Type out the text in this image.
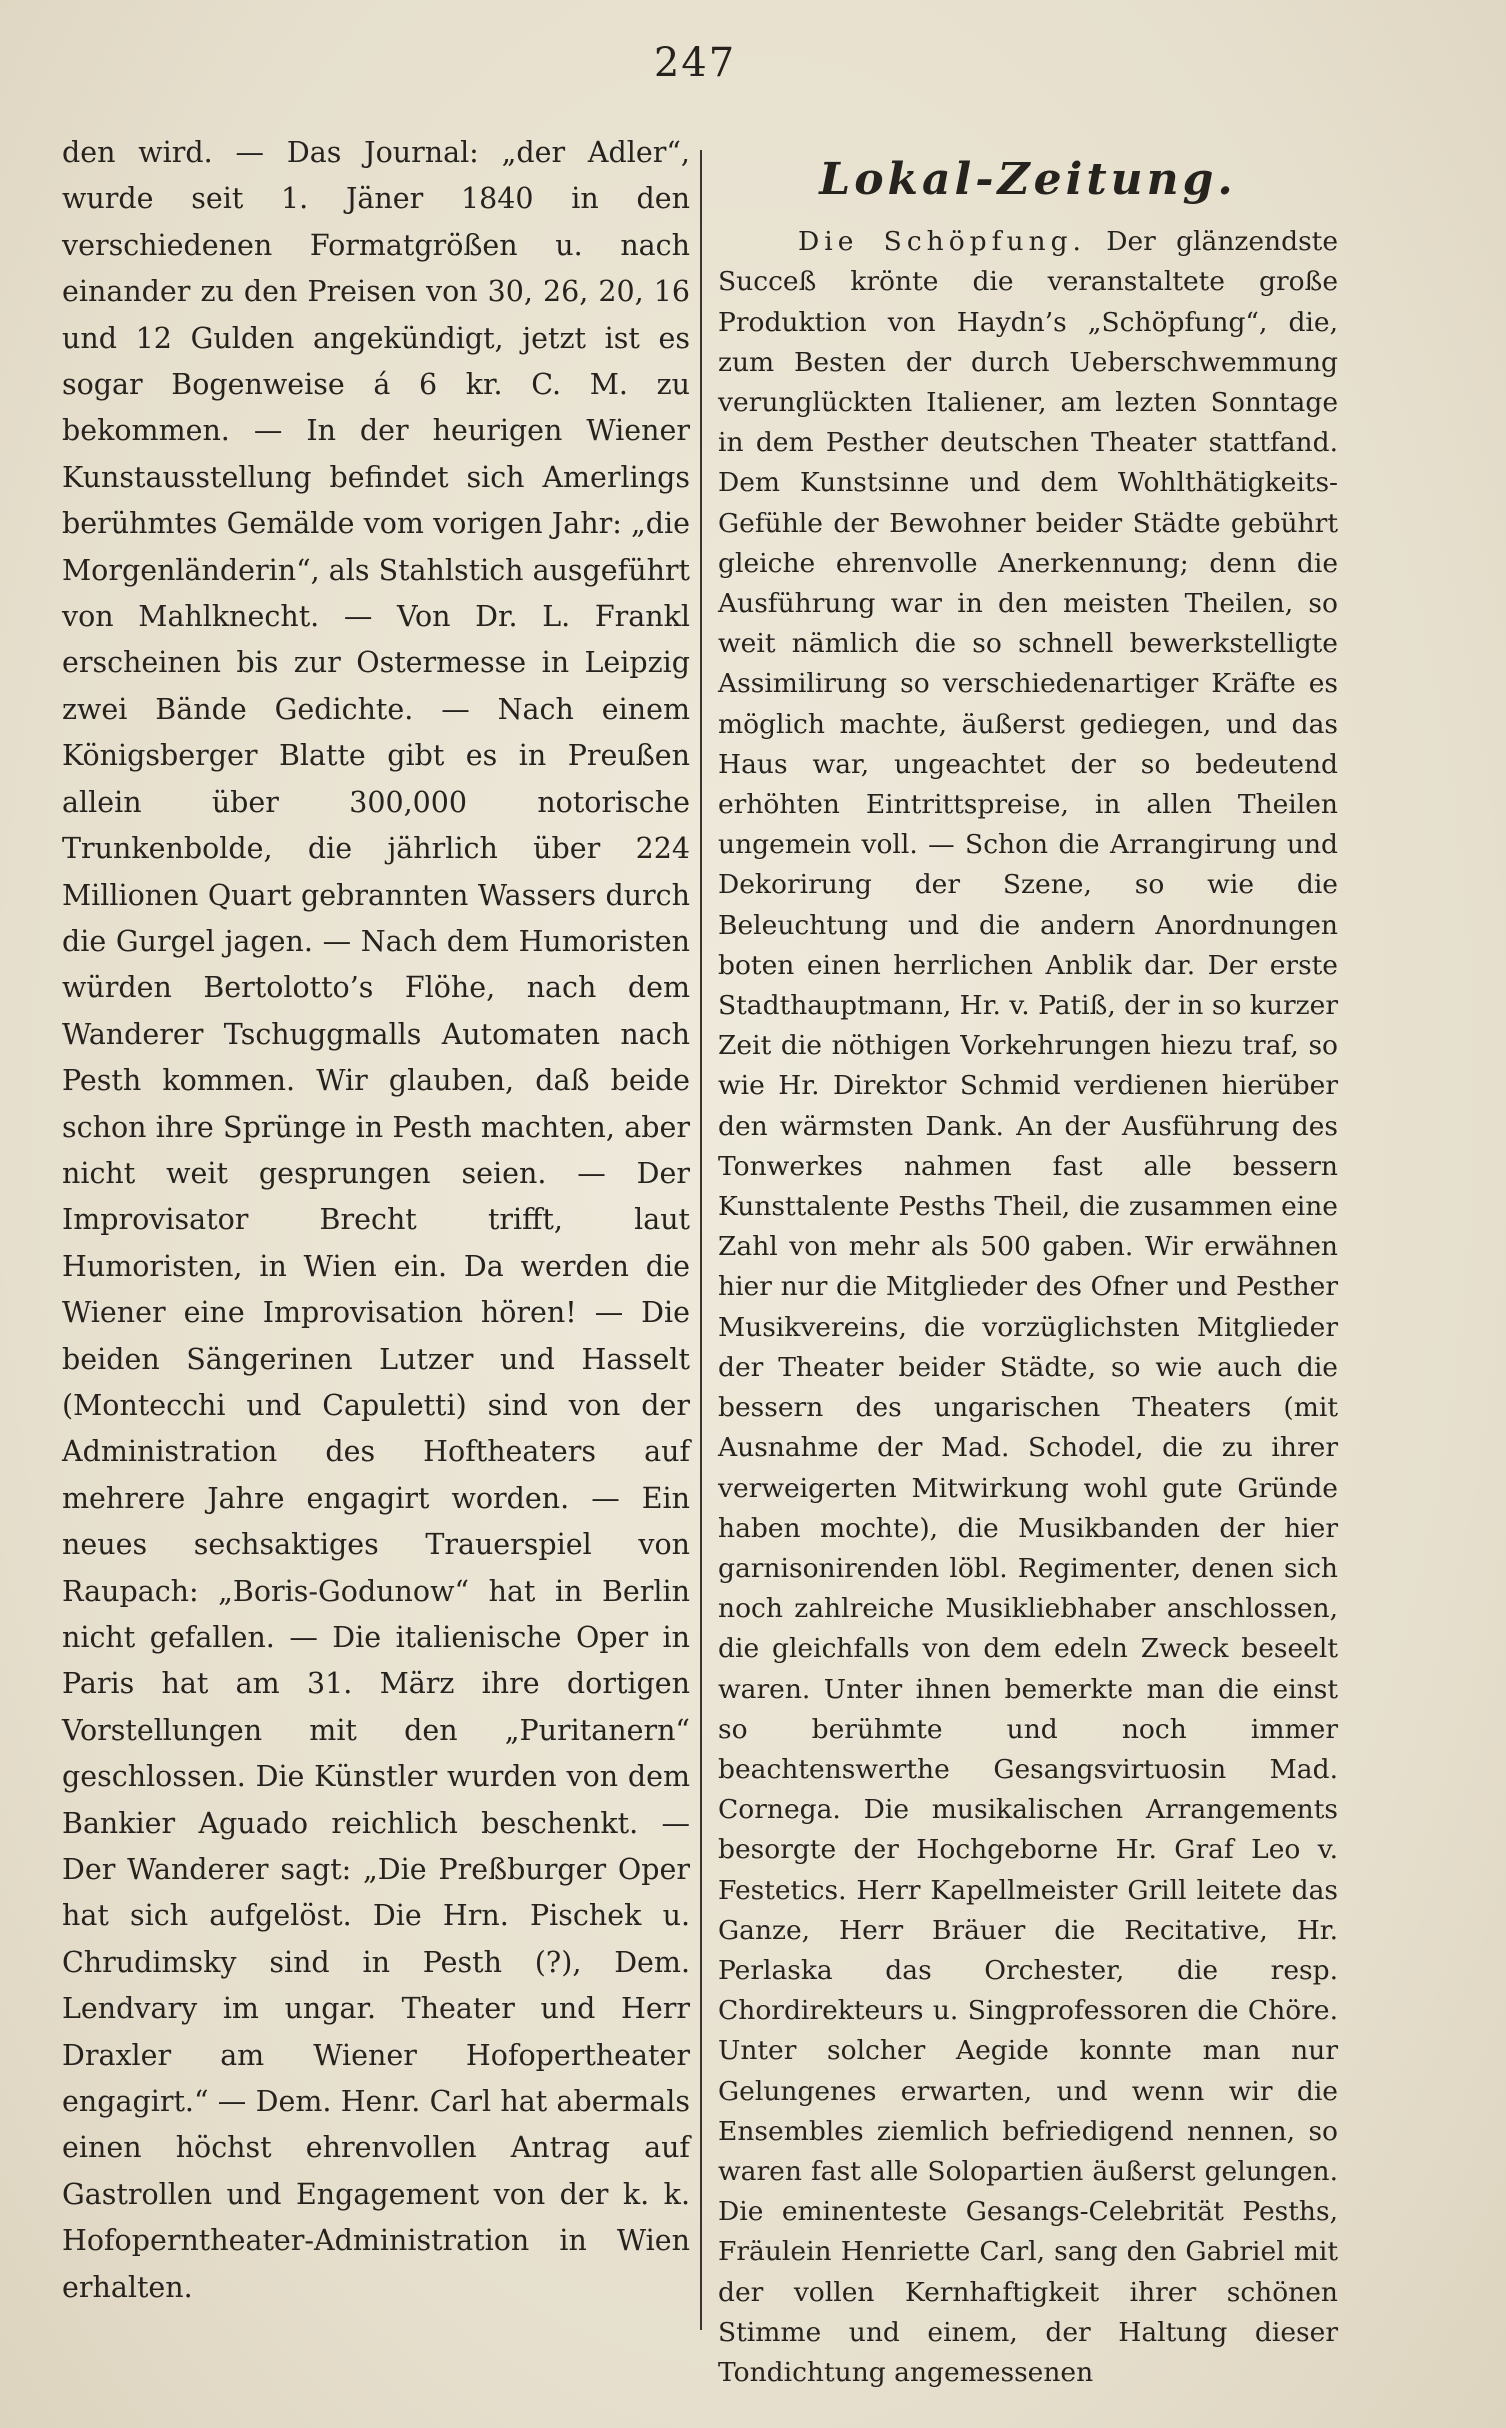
247
den wird. — Das Journal: „der Adler“, wurde seit 1. Jäner 1840 in den verschiedenen Formatgrößen u. nach einander zu den Preisen von 30, 26, 20, 16 und 12 Gulden angekündigt, jetzt ist es sogar Bogenweise á 6 kr. C. M. zu bekommen. — In der heurigen Wiener Kunstausstellung befindet sich Amerlings berühmtes Gemälde vom vorigen Jahr: „die Morgenländerin“, als Stahlstich ausgeführt von Mahlknecht. — Von Dr. L. Frankl erscheinen bis zur Ostermesse in Leipzig zwei Bände Gedichte. — Nach einem Königsberger Blatte gibt es in Preußen allein über 300,000 notorische Trunkenbolde, die jährlich über 224 Millionen Quart gebrannten Wassers durch die Gurgel jagen. — Nach dem Humoristen würden Bertolotto’s Flöhe, nach dem Wanderer Tschuggmalls Automaten nach Pesth kommen. Wir glauben, daß beide schon ihre Sprünge in Pesth machten, aber nicht weit gesprungen seien. — Der Improvisator Brecht trifft, laut Humoristen, in Wien ein. Da werden die Wiener eine Improvisation hören! — Die beiden Sängerinen Lutzer und Hasselt (Montecchi und Capuletti) sind von der Administration des Hoftheaters auf mehrere Jahre engagirt worden. — Ein neues sechsaktiges Trauerspiel von Raupach: „Boris-Godunow“ hat in Berlin nicht gefallen. — Die italienische Oper in Paris hat am 31. März ihre dortigen Vorstellungen mit den „Puritanern“ geschlossen. Die Künstler wurden von dem Bankier Aguado reichlich beschenkt. — Der Wanderer sagt: „Die Preßburger Oper hat sich aufgelöst. Die Hrn. Pischek u. Chrudimsky sind in Pesth (?), Dem. Lendvary im ungar. Theater und Herr Draxler am Wiener Hofopertheater engagirt.“ — Dem. Henr. Carl hat abermals einen höchst ehrenvollen Antrag auf Gastrollen und Engagement von der k. k. Hofoperntheater-Administration in Wien erhalten.
Lokal-Zeitung.
Die Schöpfung. Der glänzendste Succeß krönte die veranstaltete große Produktion von Haydn’s „Schöpfung“, die, zum Besten der durch Ueberschwemmung verunglückten Italiener, am lezten Sonntage in dem Pesther deutschen Theater stattfand. Dem Kunstsinne und dem Wohlthätigkeits-Gefühle der Bewohner beider Städte gebührt gleiche ehrenvolle Anerkennung; denn die Ausführung war in den meisten Theilen, so weit nämlich die so schnell bewerkstelligte Assimilirung so verschiedenartiger Kräfte es möglich machte, äußerst gediegen, und das Haus war, ungeachtet der so bedeutend erhöhten Eintrittspreise, in allen Theilen ungemein voll. — Schon die Arrangirung und Dekorirung der Szene, so wie die Beleuchtung und die andern Anordnungen boten einen herrlichen Anblik dar. Der erste Stadthauptmann, Hr. v. Patiß, der in so kurzer Zeit die nöthigen Vorkehrungen hiezu traf, so wie Hr. Direktor Schmid verdienen hierüber den wärmsten Dank. An der Ausführung des Tonwerkes nahmen fast alle bessern Kunsttalente Pesths Theil, die zusammen eine Zahl von mehr als 500 gaben. Wir erwähnen hier nur die Mitglieder des Ofner und Pesther Musikvereins, die vorzüglichsten Mitglieder der Theater beider Städte, so wie auch die bessern des ungarischen Theaters (mit Ausnahme der Mad. Schodel, die zu ihrer verweigerten Mitwirkung wohl gute Gründe haben mochte), die Musikbanden der hier garnisonirenden löbl. Regimenter, denen sich noch zahlreiche Musikliebhaber anschlossen, die gleichfalls von dem edeln Zweck beseelt waren. Unter ihnen bemerkte man die einst so berühmte und noch immer beachtenswerthe Gesangsvirtuosin Mad. Cornega. Die musikalischen Arrangements besorgte der Hochgeborne Hr. Graf Leo v. Festetics. Herr Kapellmeister Grill leitete das Ganze, Herr Bräuer die Recitative, Hr. Perlaska das Orchester, die resp. Chordirekteurs u. Singprofessoren die Chöre. Unter solcher Aegide konnte man nur Gelungenes erwarten, und wenn wir die Ensembles ziemlich befriedigend nennen, so waren fast alle Solopartien äußerst gelungen. Die eminenteste Gesangs-Celebrität Pesths, Fräulein Henriette Carl, sang den Gabriel mit der vollen Kernhaftigkeit ihrer schönen Stimme und einem, der Haltung dieser Tondichtung angemessenen
